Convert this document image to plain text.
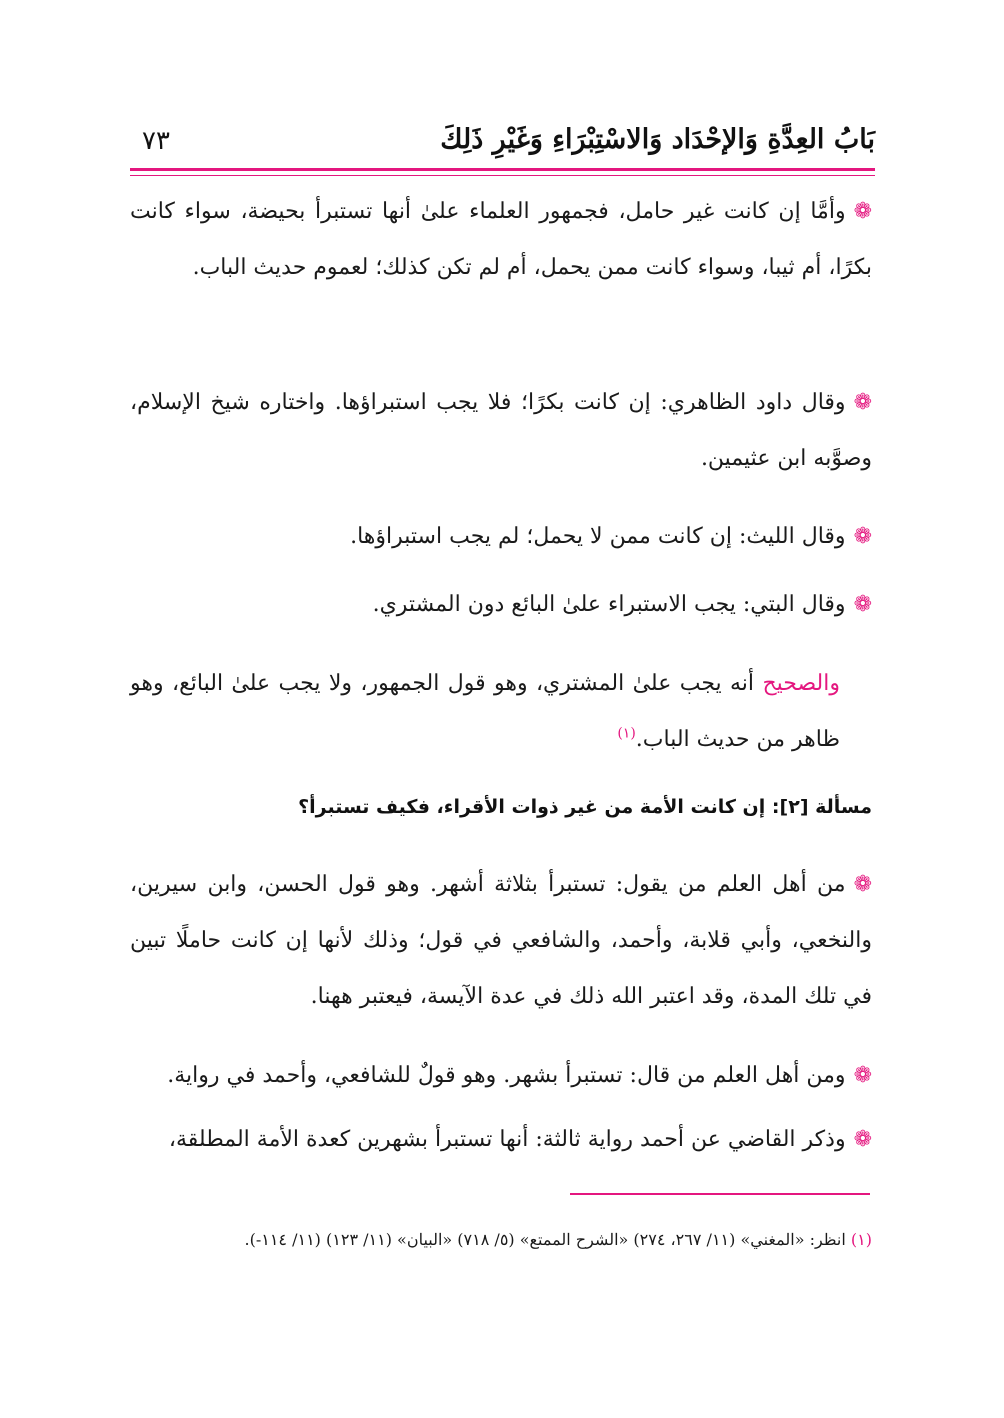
بَابُ العِدَّةِ وَالإحْدَاد وَالاسْتِبْرَاءِ وَغَيْرِ ذَلِكَ
٧٣
❁وأمَّا إن كانت غير حامل، فجمهور العلماء علىٰ أنها تستبرأ بحيضة، سواء كانت بكرًا، أم ثيبا، وسواء كانت ممن يحمل، أم لم تكن كذلك؛ لعموم حديث الباب.
❁وقال داود الظاهري: إن كانت بكرًا؛ فلا يجب استبراؤها. واختاره شيخ الإسلام، وصوَّبه ابن عثيمين.
❁وقال الليث: إن كانت ممن لا يحمل؛ لم يجب استبراؤها.
❁وقال البتي: يجب الاستبراء علىٰ البائع دون المشتري.
والصحيح أنه يجب علىٰ المشتري، وهو قول الجمهور، ولا يجب علىٰ البائع، وهو ظاهر من حديث الباب.$^{(١)}$
مسألة [٢]: إن كانت الأمة من غير ذوات الأقراء، فكيف تستبرأ؟
❁من أهل العلم من يقول: تستبرأ بثلاثة أشهر. وهو قول الحسن، وابن سيرين، والنخعي، وأبي قلابة، وأحمد، والشافعي في قول؛ وذلك لأنها إن كانت حاملًا تبين في تلك المدة، وقد اعتبر الله ذلك في عدة الآيسة، فيعتبر ههنا.
❁ومن أهل العلم من قال: تستبرأ بشهر. وهو قولٌ للشافعي، وأحمد في رواية.
❁وذكر القاضي عن أحمد رواية ثالثة: أنها تستبرأ بشهرين كعدة الأمة المطلقة،
(١) انظر: «المغني» (١١/ ٢٦٧، ٢٧٤) «الشرح الممتع» (٥/ ٧١٨) «البيان» (١١/ ١٢٣) (١١/ ١١٤-).
